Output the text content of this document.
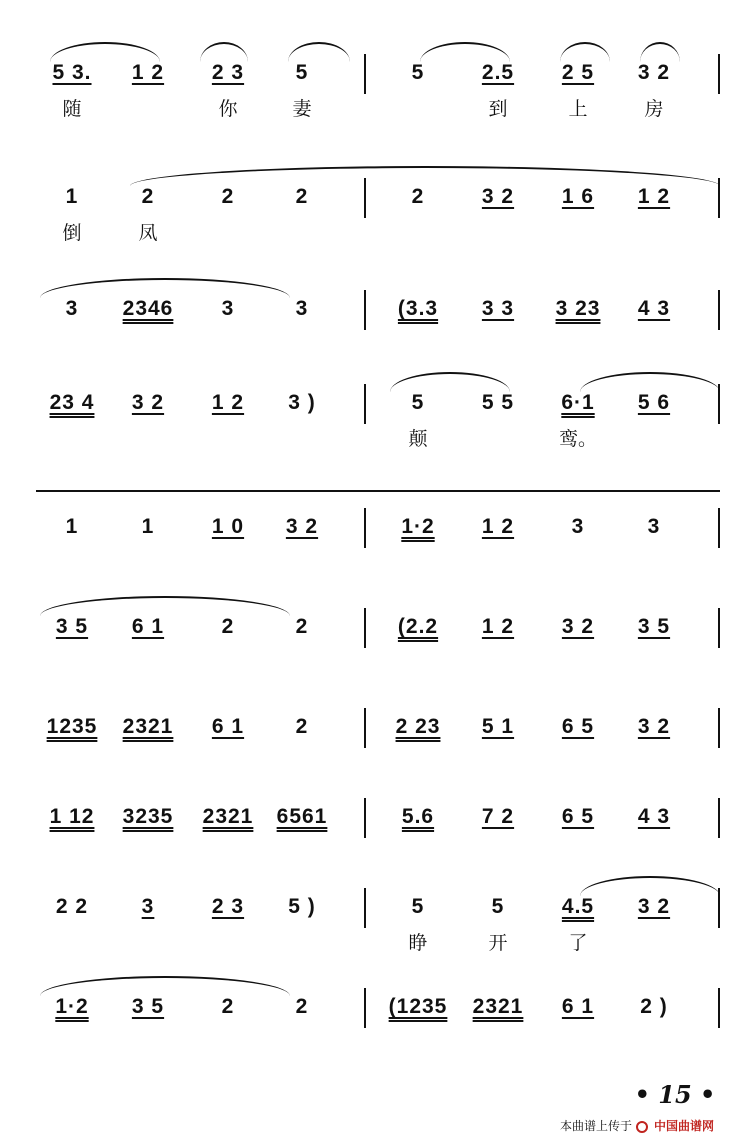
5 3.	1 2	2 3	5	5	2.5	2 5	3 2
随	你	妻	到	上	房
1	2	2	2	2	3 2	1 6	1 2
倒	凤
3	2346	3	3	(3.3	3 3	3 23	4 3
23 4	3 2	1 2	3 )	5	5 5	6·1	5 6
颠	鸾。
1	1	1 0	3 2	1·2	1 2	3	3
3 5	6 1	2	2	(2.2	1 2	3 2	3 5
1235	2321	6 1	2	2 23	5 1	6 5	3 2
1 12	3235	2321	6561	5.6	7 2	6 5	4 3
2 2	3	2 3	5 )	5	5	4.5	3 2
睁	开	了
1·2	3 5	2	2	(1235	2321	6 1	2 )
• 15 •
本曲谱上传于 中国曲谱网
